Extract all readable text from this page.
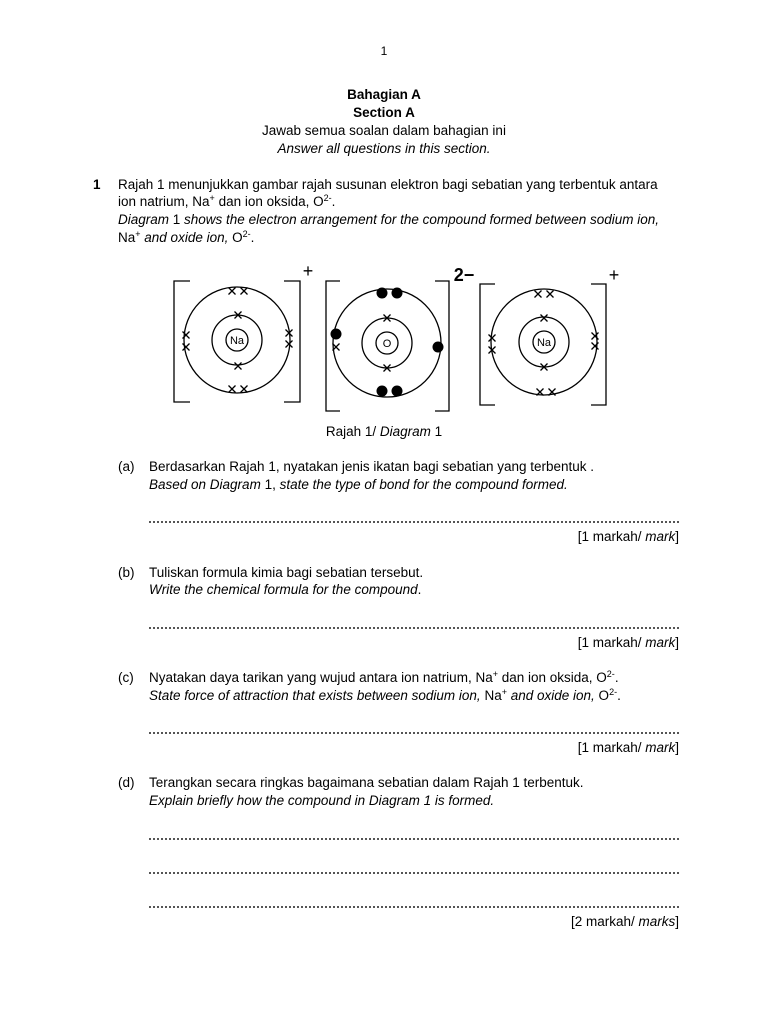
1
Bahagian A
Section A
Jawab semua soalan dalam bahagian ini
Answer all questions in this section.
1 Rajah 1 menunjukkan gambar rajah susunan elektron bagi sebatian yang terbentuk antara
ion natrium, Na+ dan ion oksida, $O^{2-}$.
Diagram 1 shows the electron arrangement for the compound formed between sodium ion,
Na+ and oxide ion, $O^{2-}$.
Na	O	Na
+	2−	+
Rajah 1/ Diagram 1
(a) Berdasarkan Rajah 1, nyatakan jenis ikatan bagi sebatian yang terbentuk .
Based on Diagram 1, state the type of bond for the compound formed.
[1 markah/ mark]
(b) Tuliskan formula kimia bagi sebatian tersebut.
Write the chemical formula for the compound.
[1 markah/ mark]
(c) Nyatakan daya tarikan yang wujud antara ion natrium, Na+ dan ion oksida, $O^{2-}$.
State force of attraction that exists between sodium ion, Na+ and oxide ion, $O^{2-}$.
[1 markah/ mark]
(d) Terangkan secara ringkas bagaimana sebatian dalam Rajah 1 terbentuk.
Explain briefly how the compound in Diagram 1 is formed.
[2 markah/ marks]
